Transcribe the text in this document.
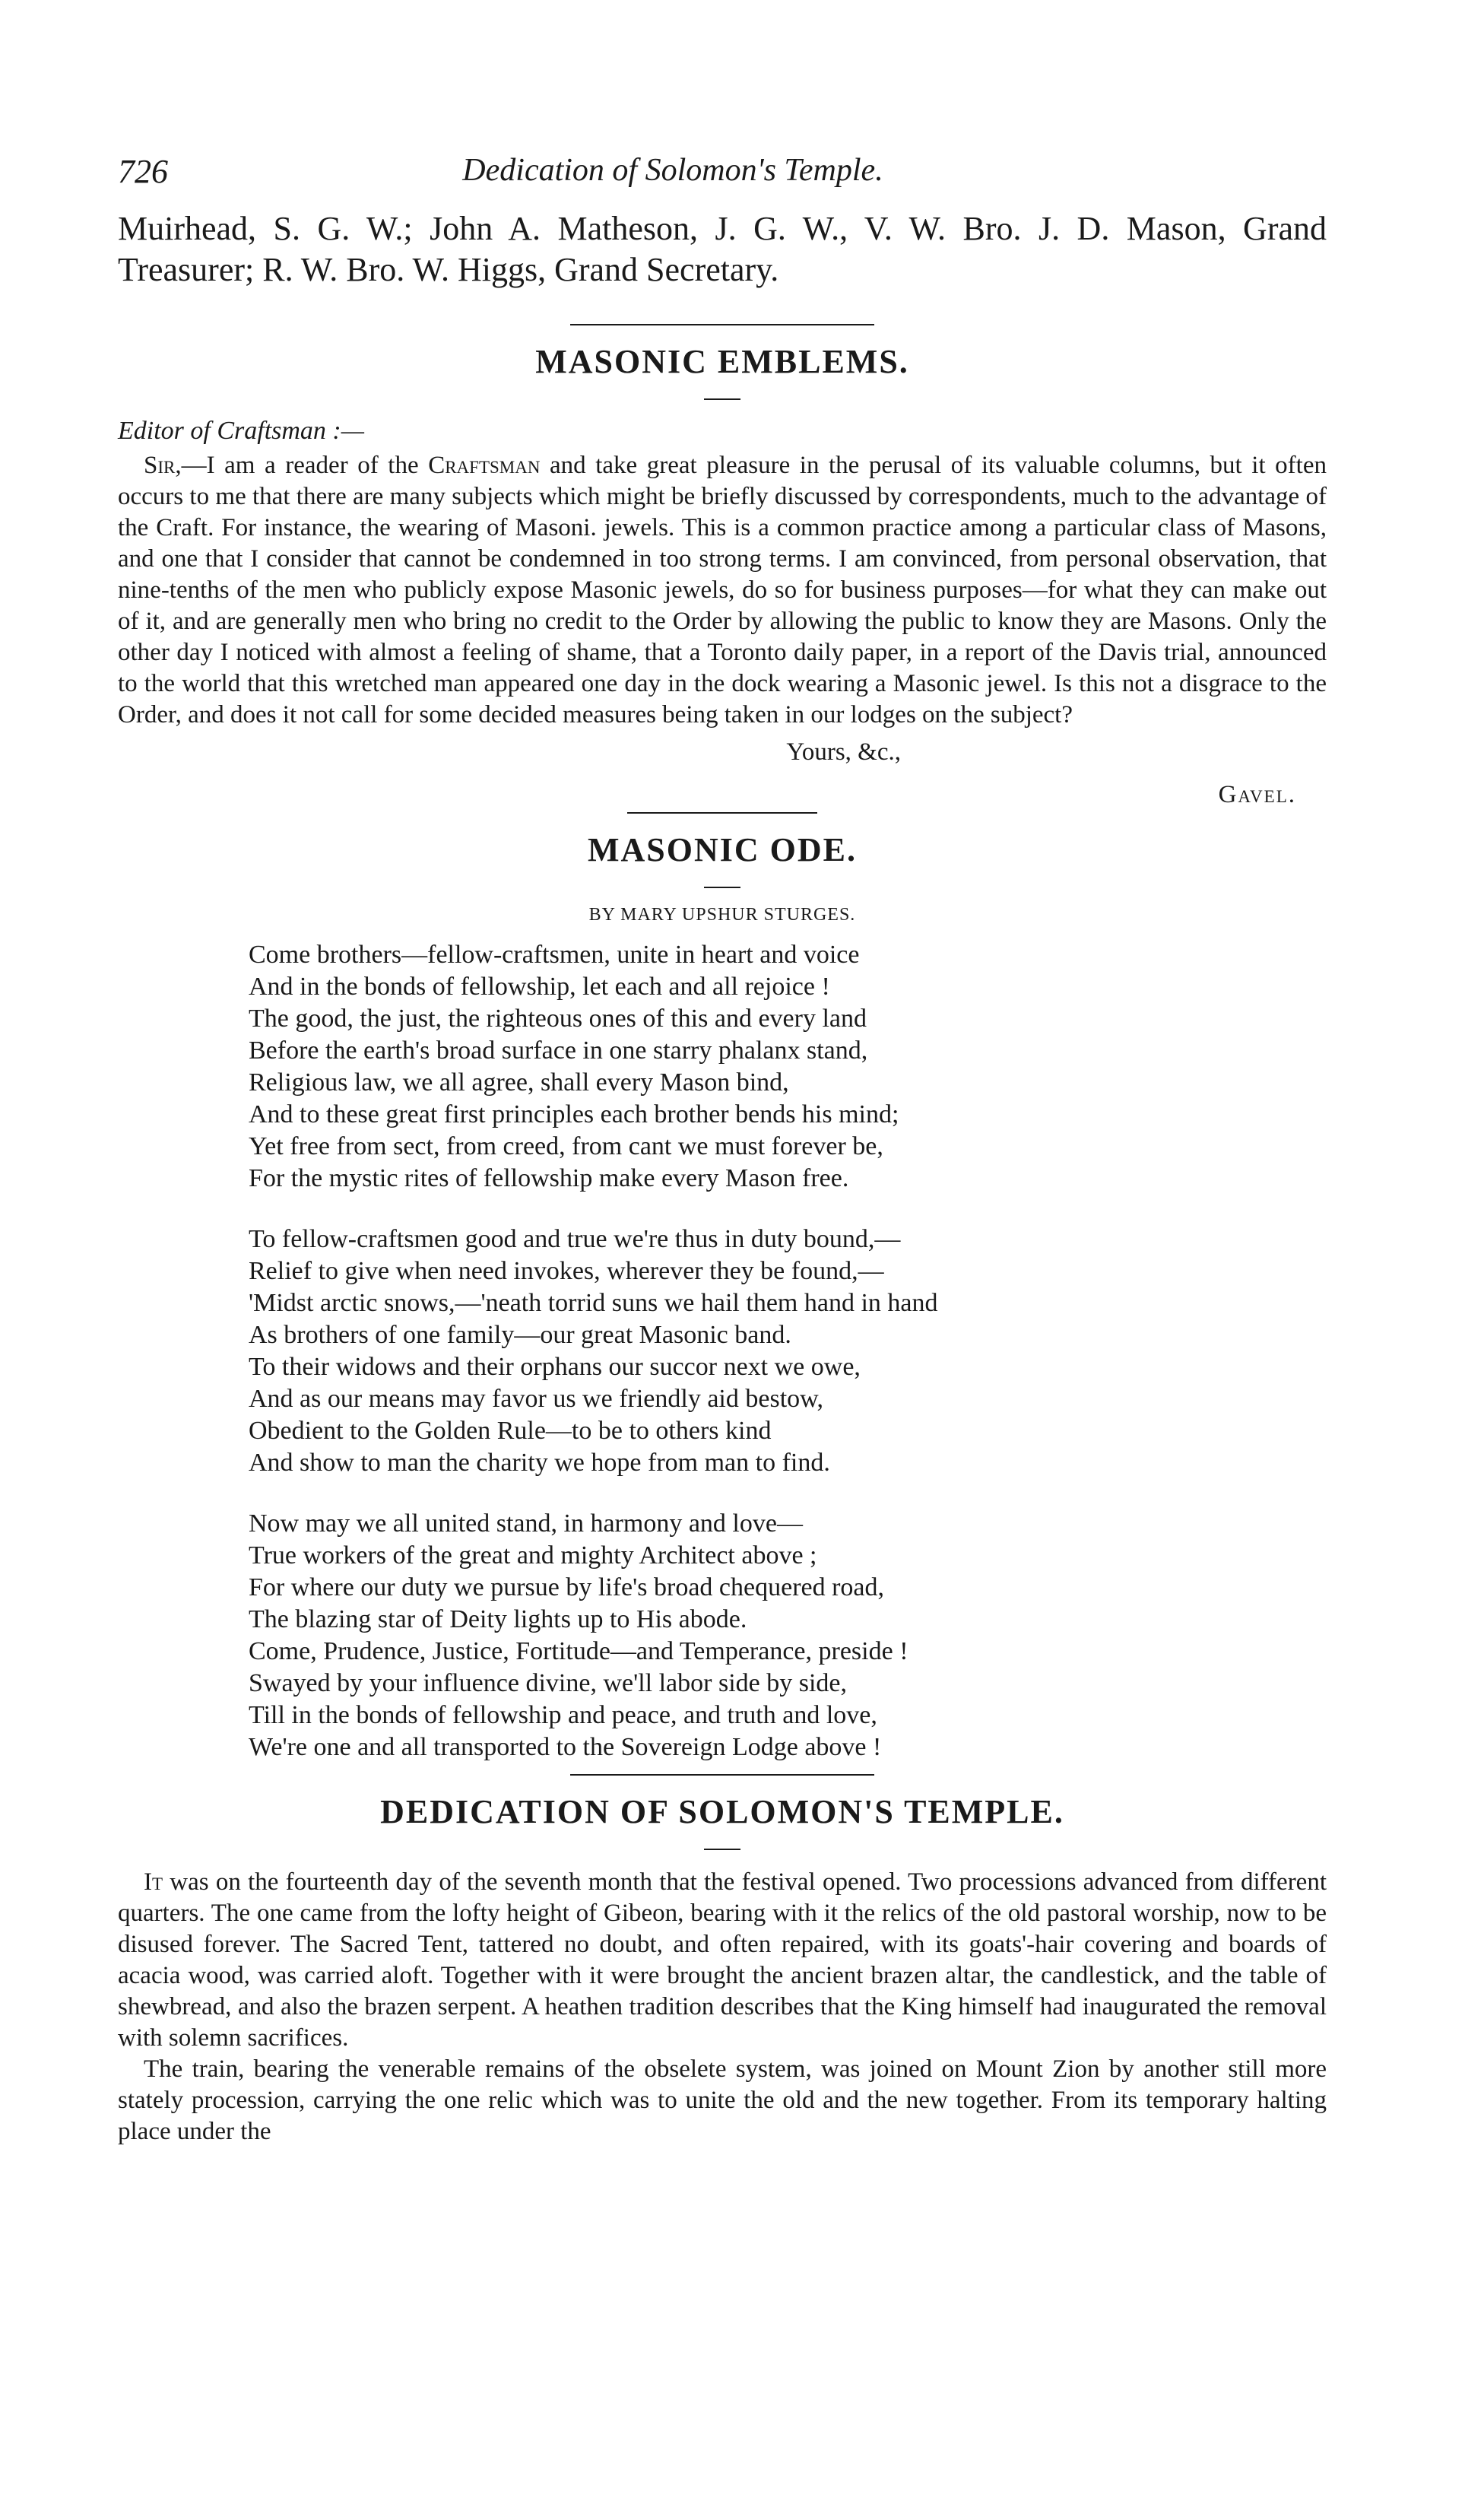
726	Dedication of Solomon's Temple.

Muirhead, S. G. W.; John A. Matheson, J. G. W., V. W. Bro. J. D. Mason, Grand Treasurer; R. W. Bro. W. Higgs, Grand Secretary.

MASONIC EMBLEMS.

Editor of Craftsman :—

Sir,—I am a reader of the Craftsman and take great pleasure in the perusal of its valuable columns, but it often occurs to me that there are many subjects which might be briefly discussed by correspondents, much to the advantage of the Craft. For instance, the wearing of Masoni. jewels. This is a common practice among a particular class of Masons, and one that I consider that cannot be condemned in too strong terms. I am convinced, from personal observation, that nine-tenths of the men who publicly expose Masonic jewels, do so for business purposes—for what they can make out of it, and are generally men who bring no credit to the Order by allowing the public to know they are Masons. Only the other day I noticed with almost a feeling of shame, that a Toronto daily paper, in a report of the Davis trial, announced to the world that this wretched man appeared one day in the dock wearing a Masonic jewel. Is this not a disgrace to the Order, and does it not call for some decided measures being taken in our lodges on the subject?

Yours, &c.,

Gavel.

MASONIC ODE.

BY MARY UPSHUR STURGES.

Come brothers—fellow-craftsmen, unite in heart and voice
And in the bonds of fellowship, let each and all rejoice !
The good, the just, the righteous ones of this and every land
Before the earth's broad surface in one starry phalanx stand,
Religious law, we all agree, shall every Mason bind,
And to these great first principles each brother bends his mind;
Yet free from sect, from creed, from cant we must forever be,
For the mystic rites of fellowship make every Mason free.
To fellow-craftsmen good and true we're thus in duty bound,—
Relief to give when need invokes, wherever they be found,—
'Midst arctic snows,—'neath torrid suns we hail them hand in hand
As brothers of one family—our great Masonic band.
To their widows and their orphans our succor next we owe,
And as our means may favor us we friendly aid bestow,
Obedient to the Golden Rule—to be to others kind
And show to man the charity we hope from man to find.
Now may we all united stand, in harmony and love—
True workers of the great and mighty Architect above ;
For where our duty we pursue by life's broad chequered road,
The blazing star of Deity lights up to His abode.
Come, Prudence, Justice, Fortitude—and Temperance, preside !
Swayed by your influence divine, we'll labor side by side,
Till in the bonds of fellowship and peace, and truth and love,
We're one and all transported to the Sovereign Lodge above !
DEDICATION OF SOLOMON'S TEMPLE.

It was on the fourteenth day of the seventh month that the festival opened. Two processions advanced from different quarters. The one came from the lofty height of Gibeon, bearing with it the relics of the old pastoral worship, now to be disused forever. The Sacred Tent, tattered no doubt, and often repaired, with its goats'-hair covering and boards of acacia wood, was carried aloft. Together with it were brought the ancient brazen altar, the candlestick, and the table of shewbread, and also the brazen serpent. A heathen tradition describes that the King himself had inaugurated the removal with solemn sacrifices.

The train, bearing the venerable remains of the obselete system, was joined on Mount Zion by another still more stately procession, carrying the one relic which was to unite the old and the new together. From its temporary halting place under the
